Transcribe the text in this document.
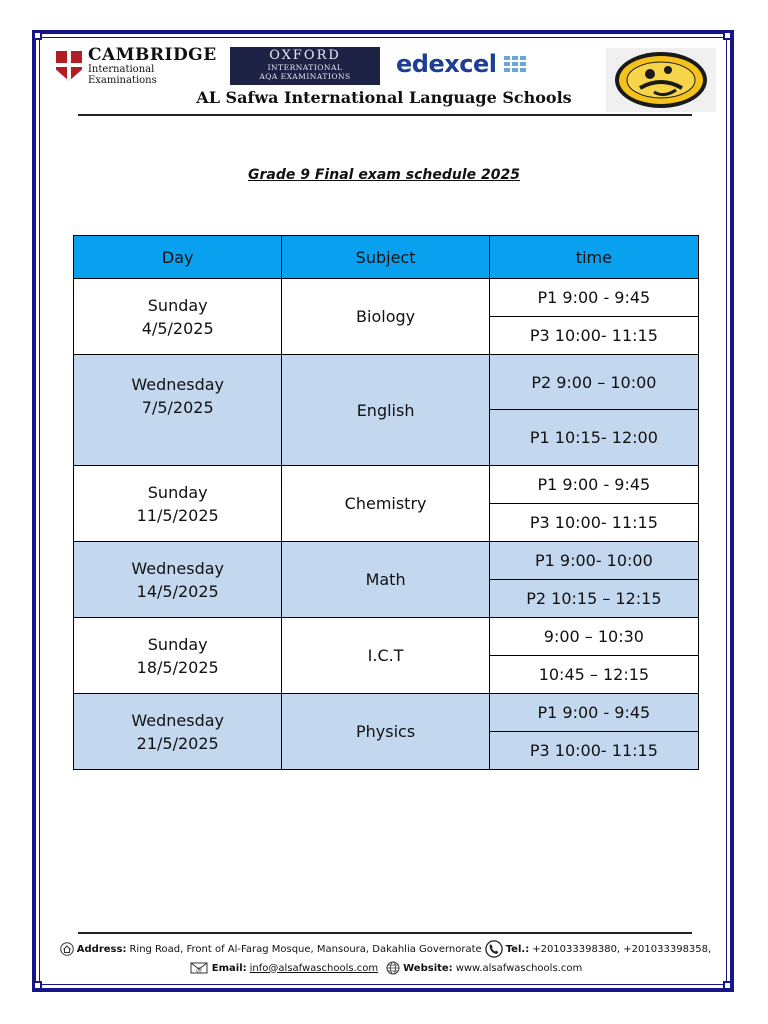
CAMBRIDGE
International Examinations
OXFORD
INTERNATIONAL
AQA EXAMINATIONS	edexcel
AL Safwa International Language Schools
Grade 9 Final exam schedule 2025
Day	Subject	time

Sunday
4/5/2025	Biology	P1 9:00 - 9:45
		P3 10:00- 11:15

Wednesday
7/5/2025	English	P2 9:00 – 10:00
		P1 10:15- 12:00

Sunday
11/5/2025	Chemistry	P1 9:00 - 9:45
		P3 10:00- 11:15

Wednesday
14/5/2025	Math	P1 9:00- 10:00
		P2 10:15 – 12:15

Sunday
18/5/2025	I.C.T	9:00 – 10:30
		10:45 – 12:15

Wednesday
21/5/2025	Physics	P1 9:00 - 9:45
		P3 10:00- 11:15
Address: Ring Road, Front of Al-Farag Mosque, Mansoura, Dakahlia Governorate Tel.: +201033398380, +201033398358,
@ Email: info@alsafwaschools.com	Website: www.alsafwaschools.com
